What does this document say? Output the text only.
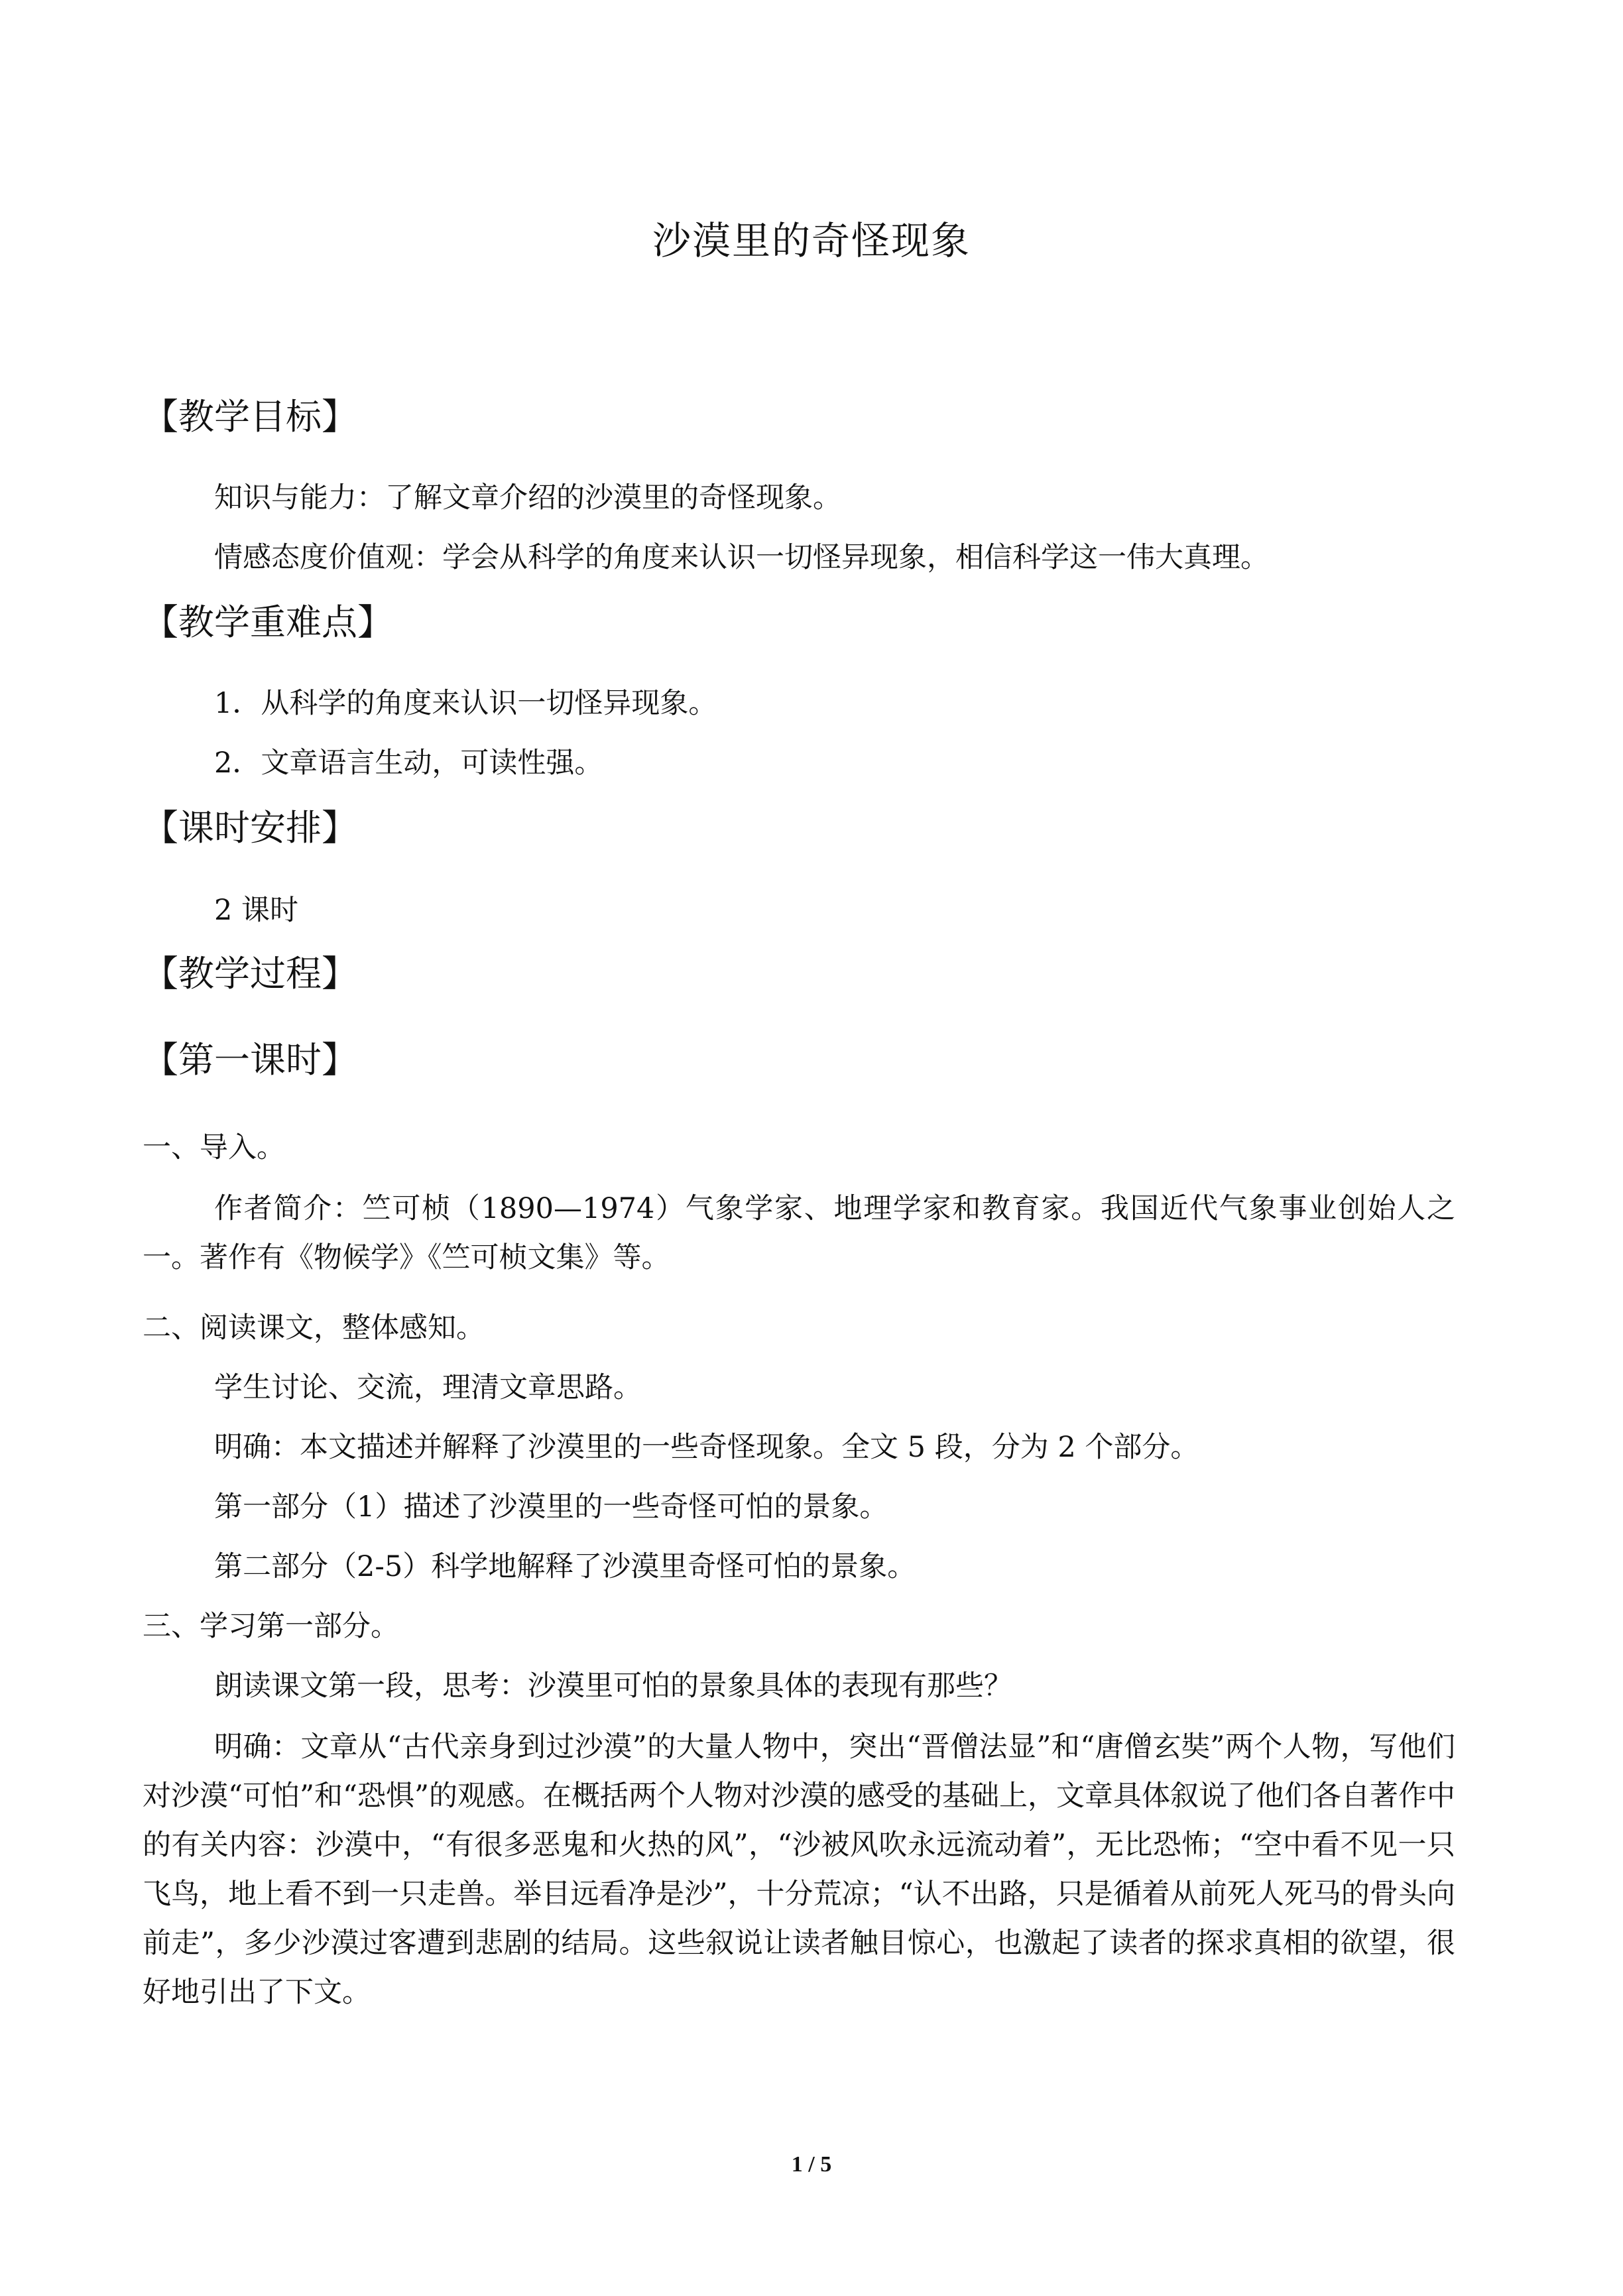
沙漠里的奇怪现象
【教学目标】
知识与能力：了解文章介绍的沙漠里的奇怪现象。
情感态度价值观：学会从科学的角度来认识一切怪异现象，相信科学这一伟大真理。
【教学重难点】
1．从科学的角度来认识一切怪异现象。
2．文章语言生动，可读性强。
【课时安排】
2 课时
【教学过程】
【第一课时】
一、导入。
作者简介：竺可桢（1890—1974）气象学家、地理学家和教育家。我国近代气象事业创始人之一。著作有《物候学》《竺可桢文集》等。
二、阅读课文，整体感知。
学生讨论、交流，理清文章思路。
明确：本文描述并解释了沙漠里的一些奇怪现象。全文 5 段，分为 2 个部分。
第一部分（1）描述了沙漠里的一些奇怪可怕的景象。
第二部分（2-5）科学地解释了沙漠里奇怪可怕的景象。
三、学习第一部分。
朗读课文第一段，思考：沙漠里可怕的景象具体的表现有那些？
明确：文章从“古代亲身到过沙漠”的大量人物中，突出“晋僧法显”和“唐僧玄奘”两个人物，写他们对沙漠“可怕”和“恐惧”的观感。在概括两个人物对沙漠的感受的基础上，文章具体叙说了他们各自著作中的有关内容：沙漠中，“有很多恶鬼和火热的风”，“沙被风吹永远流动着”，无比恐怖；“空中看不见一只飞鸟，地上看不到一只走兽。举目远看净是沙”，十分荒凉；“认不出路，只是循着从前死人死马的骨头向前走”，多少沙漠过客遭到悲剧的结局。这些叙说让读者触目惊心，也激起了读者的探求真相的欲望，很好地引出了下文。
1 / 5
